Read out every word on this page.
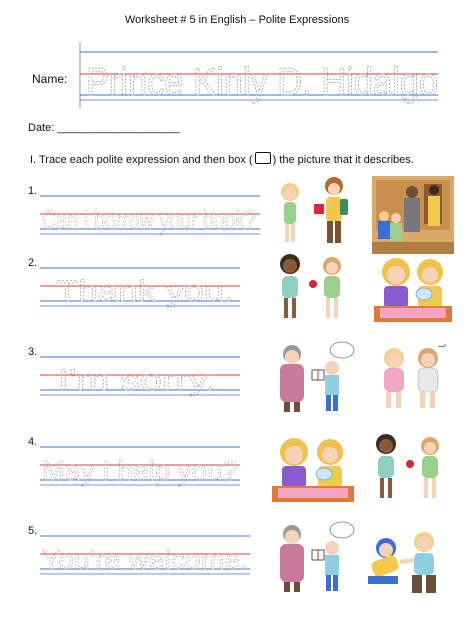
Worksheet # 5 in English – Polite Expressions
Name: Prince Kinly D. Hidalgo
Date: ____________________
I. Trace each polite expression and then box ( ) the picture that it describes.
1.
Can I borrow your book?
2.
Thank you.
3.
I'm sorry.
4.
May I help you?
5.
You're welcome.
